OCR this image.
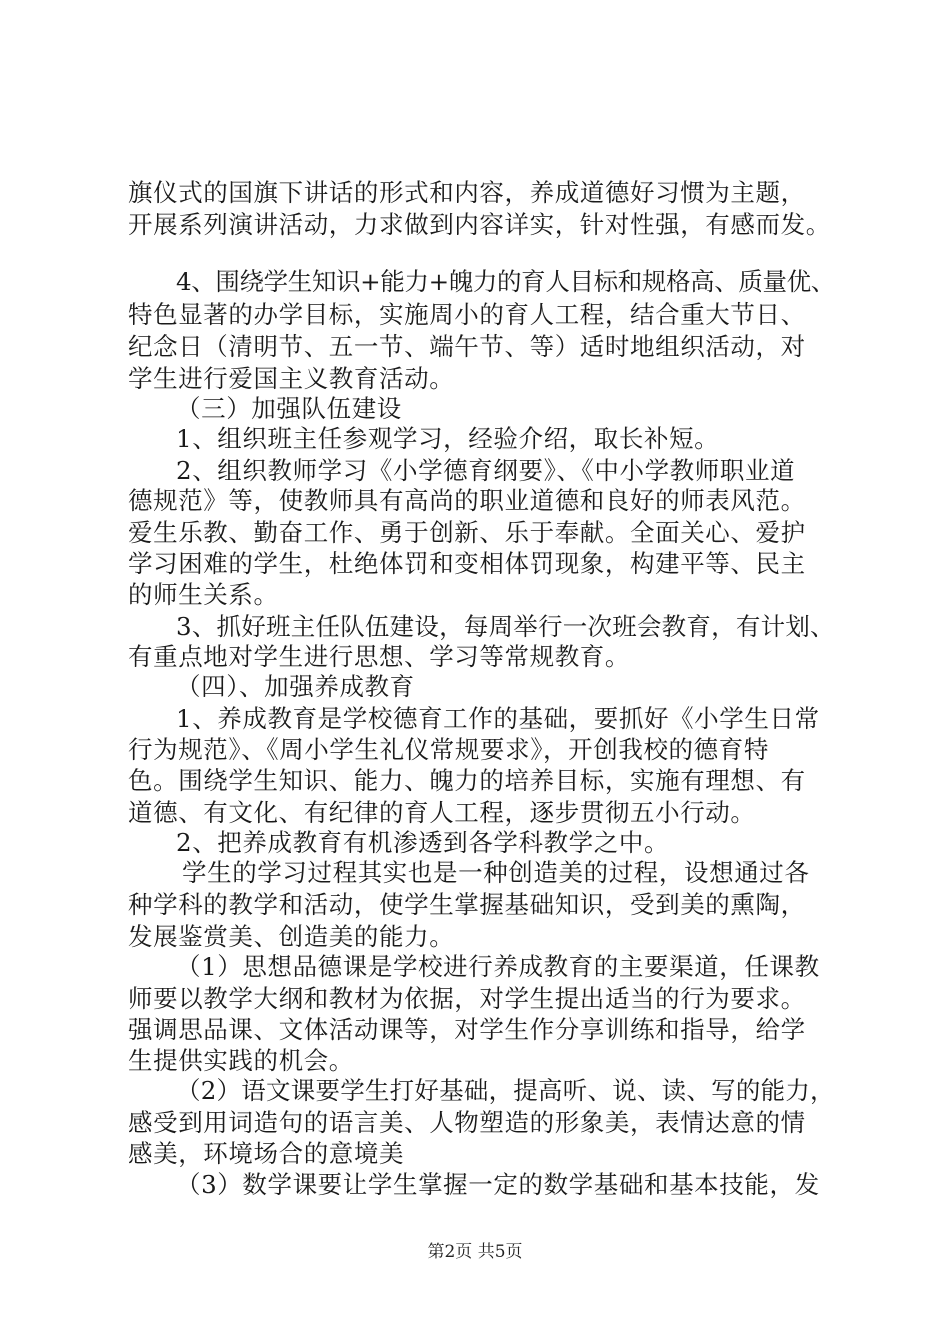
旗仪式的国旗下讲话的形式和内容，养成道德好习惯为主题，

开展系列演讲活动，力求做到内容详实，针对性强，有感而发。

4、围绕学生知识+能力+魄力的育人目标和规格高、质量优、

特色显著的办学目标，实施周小的育人工程，结合重大节日、

纪念日（清明节、五一节、端午节、等）适时地组织活动，对

学生进行爱国主义教育活动。

（三）加强队伍建设

1、组织班主任参观学习，经验介绍，取长补短。

2、组织教师学习《小学德育纲要》、《中小学教师职业道

德规范》等，使教师具有高尚的职业道德和良好的师表风范。

爱生乐教、勤奋工作、勇于创新、乐于奉献。全面关心、爱护

学习困难的学生，杜绝体罚和变相体罚现象，构建平等、民主

的师生关系。

3、抓好班主任队伍建设，每周举行一次班会教育，有计划、

有重点地对学生进行思想、学习等常规教育。

（四）、加强养成教育

1、养成教育是学校德育工作的基础，要抓好《小学生日常

行为规范》、《周小学生礼仪常规要求》，开创我校的德育特

色。围绕学生知识、能力、魄力的培养目标，实施有理想、有

道德、有文化、有纪律的育人工程，逐步贯彻五小行动。

2、把养成教育有机渗透到各学科教学之中。

学生的学习过程其实也是一种创造美的过程，设想通过各

种学科的教学和活动，使学生掌握基础知识，受到美的熏陶，

发展鉴赏美、创造美的能力。

（1）思想品德课是学校进行养成教育的主要渠道，任课教

师要以教学大纲和教材为依据，对学生提出适当的行为要求。

强调思品课、文体活动课等，对学生作分享训练和指导，给学

生提供实践的机会。

（2）语文课要学生打好基础，提高听、说、读、写的能力，

感受到用词造句的语言美、人物塑造的形象美，表情达意的情

感美，环境场合的意境美

（3）数学课要让学生掌握一定的数学基础和基本技能，发

第2页 共5页
